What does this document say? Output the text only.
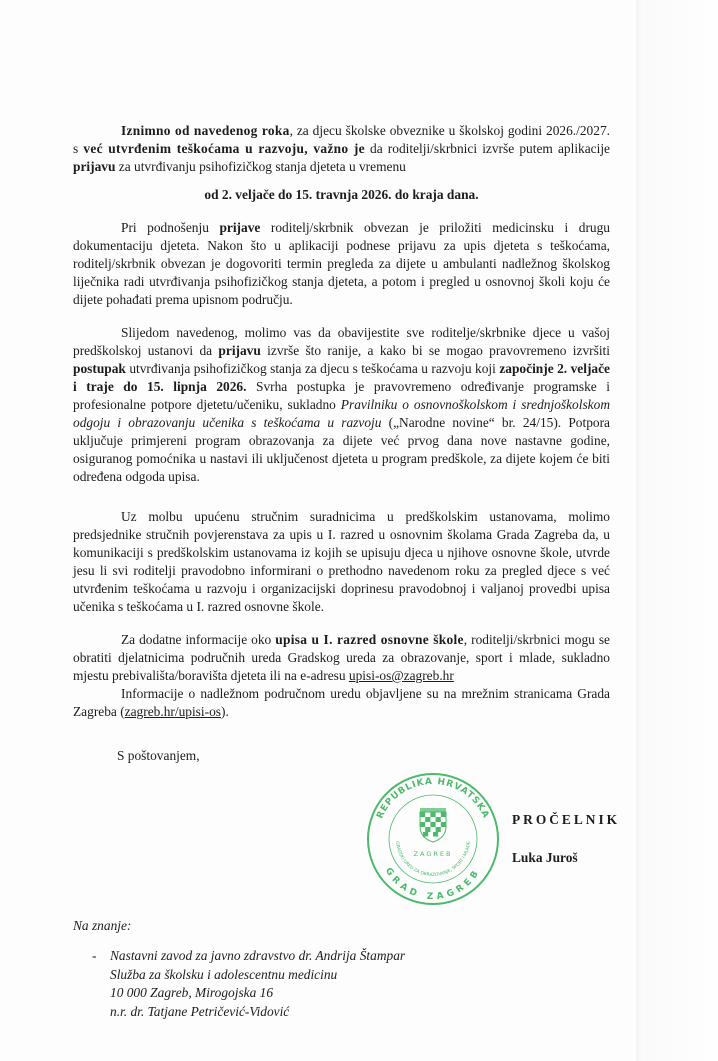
Iznimno od navedenog roka, za djecu školske obveznike u školskoj godini 2026./2027. s već utvrđenim teškoćama u razvoju, važno je da roditelji/skrbnici izvrše putem aplikacije prijavu za utvrđivanju psihofizičkog stanja djeteta u vremenu

od 2. veljače do 15. travnja 2026. do kraja dana.

Pri podnošenju prijave roditelj/skrbnik obvezan je priložiti medicinsku i drugu dokumentaciju djeteta. Nakon što u aplikaciji podnese prijavu za upis djeteta s teškoćama, roditelj/skrbnik obvezan je dogovoriti termin pregleda za dijete u ambulanti nadležnog školskog liječnika radi utvrđivanja psihofizičkog stanja djeteta, a potom i pregled u osnovnoj školi koju će dijete pohađati prema upisnom području.

Slijedom navedenog, molimo vas da obavijestite sve roditelje/skrbnike djece u vašoj predškolskoj ustanovi da prijavu izvrše što ranije, a kako bi se mogao pravovremeno izvršiti postupak utvrđivanja psihofizičkog stanja za djecu s teškoćama u razvoju koji započinje 2. veljače i traje do 15. lipnja 2026. Svrha postupka je pravovremeno određivanje programske i profesionalne potpore djetetu/učeniku, sukladno Pravilniku o osnovnoškolskom i srednjoškolskom odgoju i obrazovanju učenika s teškoćama u razvoju („Narodne novine“ br. 24/15). Potpora uključuje primjereni program obrazovanja za dijete već prvog dana nove nastavne godine, osiguranog pomoćnika u nastavi ili uključenost djeteta u program predškole, za dijete kojem će biti određena odgoda upisa.

Uz molbu upućenu stručnim suradnicima u predškolskim ustanovama, molimo predsjednike stručnih povjerenstava za upis u I. razred u osnovnim školama Grada Zagreba da, u komunikaciji s predškolskim ustanovama iz kojih se upisuju djeca u njihove osnovne škole, utvrde jesu li svi roditelji pravodobno informirani o prethodno navedenom roku za pregled djece s već utvrđenim teškoćama u razvoju i organizacijski doprinesu pravodobnoj i valjanoj provedbi upisa učenika s teškoćama u I. razred osnovne škole.

Za dodatne informacije oko upisa u I. razred osnovne škole, roditelji/skrbnici mogu se obratiti djelatnicima područnih ureda Gradskog ureda za obrazovanje, sport i mlade, sukladno mjestu prebivališta/boravišta djeteta ili na e-adresu upisi-os@zagreb.hr

Informacije o nadležnom područnom uredu objavljene su na mrežnim stranicama Grada Zagreba (zagreb.hr/upisi-os).

S poštovanjem,
REPUBLIKA HRVATSKA
GRAD ZAGREB
GRADSKI URED ZA OBRAZOVANJE, SPORT I MLADE
ZAGREB
PROČELNIK
Luka Juroš
Na znanje:
-	Nastavni zavod za javno zdravstvo dr. Andrija Štampar
Služba za školsku i adolescentnu medicinu
10 000 Zagreb, Mirogojska 16
n.r. dr. Tatjane Petričević-Vidović
